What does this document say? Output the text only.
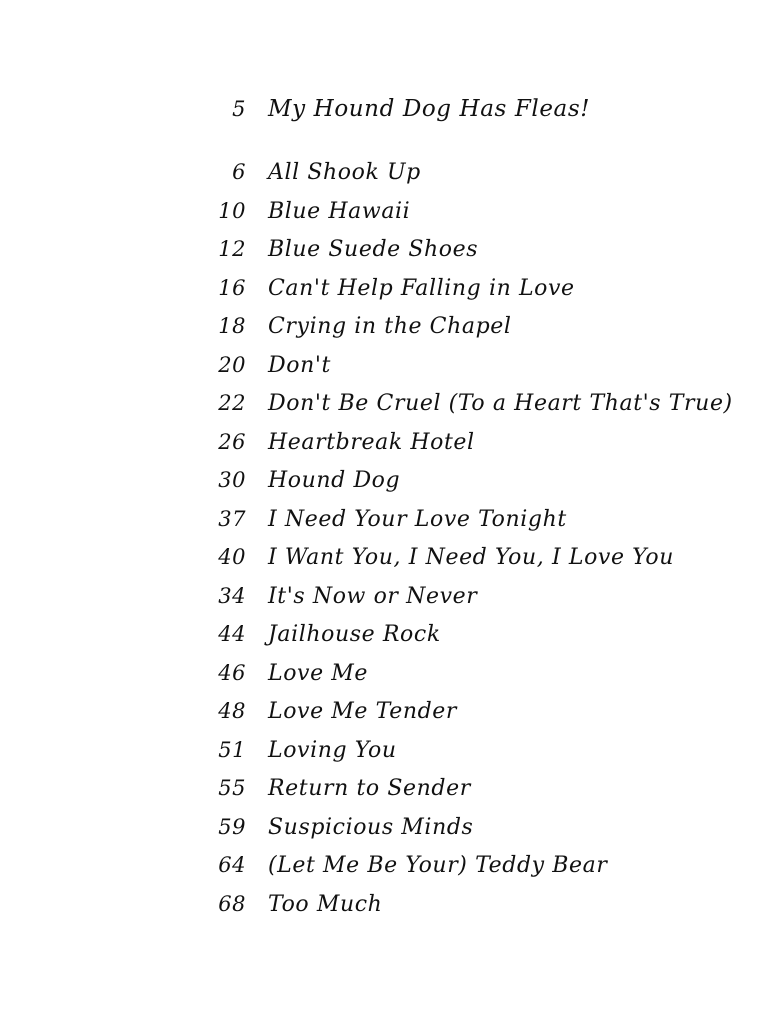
5 My Hound Dog Has Fleas!
6	All Shook Up
10	Blue Hawaii
12	Blue Suede Shoes
16	Can't Help Falling in Love
18	Crying in the Chapel
20	Don't
22	Don't Be Cruel (To a Heart That's True)
26	Heartbreak Hotel
30	Hound Dog
37	I Need Your Love Tonight
40	I Want You, I Need You, I Love You
34	It's Now or Never
44	Jailhouse Rock
46	Love Me
48	Love Me Tender
51	Loving You
55	Return to Sender
59	Suspicious Minds
64	(Let Me Be Your) Teddy Bear
68	Too Much
